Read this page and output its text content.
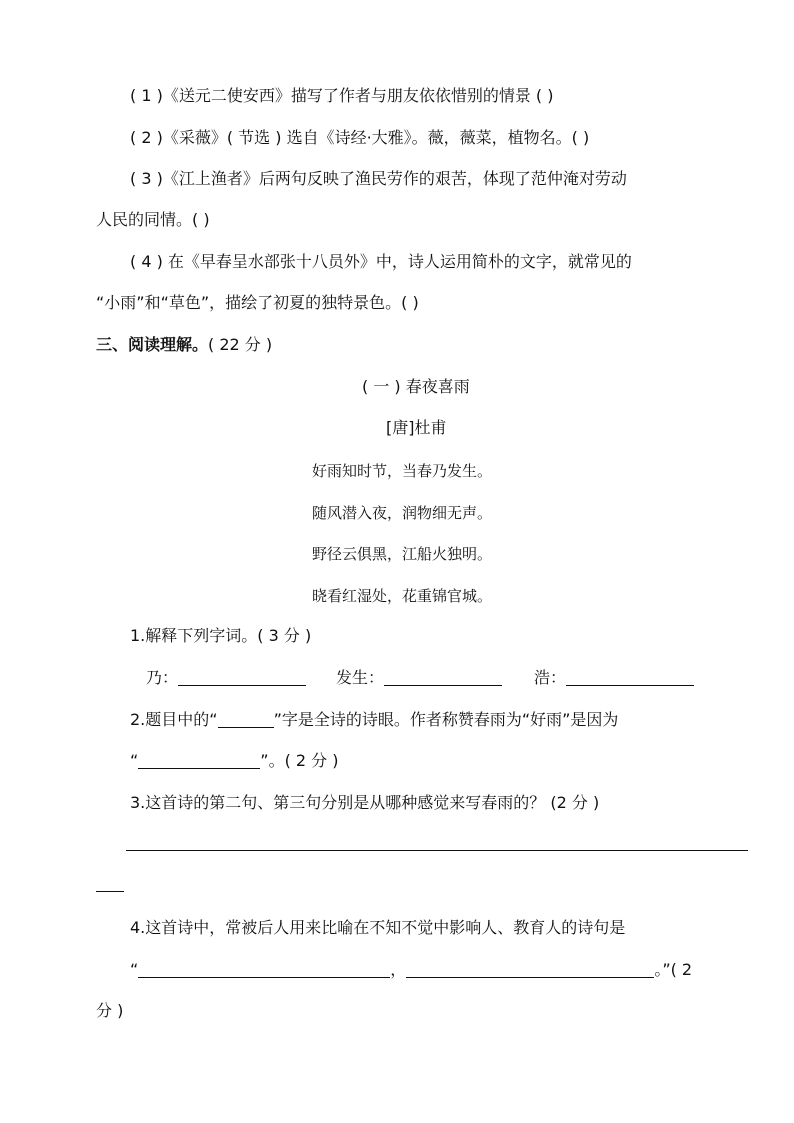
( 1 )《送元二使安西》描写了作者与朋友依依惜别的情景 ( )
( 2 )《采薇》( 节选 ) 选自《诗经·大雅》。薇，薇菜，植物名。( )
( 3 )《江上渔者》后两句反映了渔民劳作的艰苦，体现了范仲淹对劳动
人民的同情。( )
( 4 ) 在《早春呈水部张十八员外》中，诗人运用简朴的文字，就常见的
“小雨”和“草色”，描绘了初夏的独特景色。( )
三、阅读理解。( 22 分 )
( 一 ) 春夜喜雨
[唐]杜甫
好雨知时节，当春乃发生。
随风潜入夜，润物细无声。
野径云俱黑，江船火独明。
晓看红湿处，花重锦官城。
1.解释下列字词。( 3 分 )
乃：	发生：	浩：
2.题目中的“	”字是全诗的诗眼。作者称赞春雨为“好雨”是因为
“	”。( 2 分 )
3.这首诗的第二句、第三句分别是从哪种感觉来写春雨的？ (2 分 )
4.这首诗中，常被后人用来比喻在不知不觉中影响人、教育人的诗句是
“	，	。”( 2
分 )
